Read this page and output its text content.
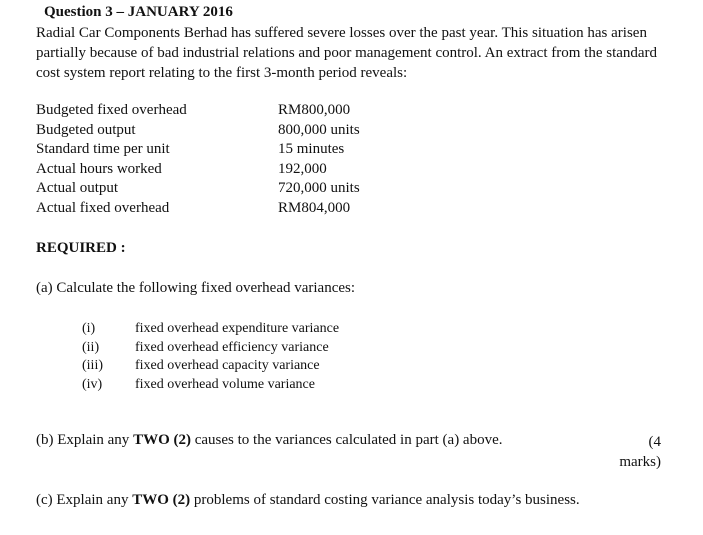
Question 3 – JANUARY 2016
Radial Car Components Berhad has suffered severe losses over the past year. This situation has arisen partially because of bad industrial relations and poor management control. An extract from the standard cost system report relating to the first 3-month period reveals:
Budgeted fixed overhead	RM800,000
Budgeted output	800,000 units
Standard time per unit	15 minutes
Actual hours worked	192,000
Actual output	720,000 units
Actual fixed overhead	RM804,000
REQUIRED :
(a) Calculate the following fixed overhead variances:
(i)	fixed overhead expenditure variance
(ii)	fixed overhead efficiency variance
(iii)	fixed overhead capacity variance
(iv)	fixed overhead volume variance
(b) Explain any TWO (2) causes to the variances calculated in part (a) above.	(4
marks)
(c) Explain any TWO (2) problems of standard costing variance analysis today’s business.
